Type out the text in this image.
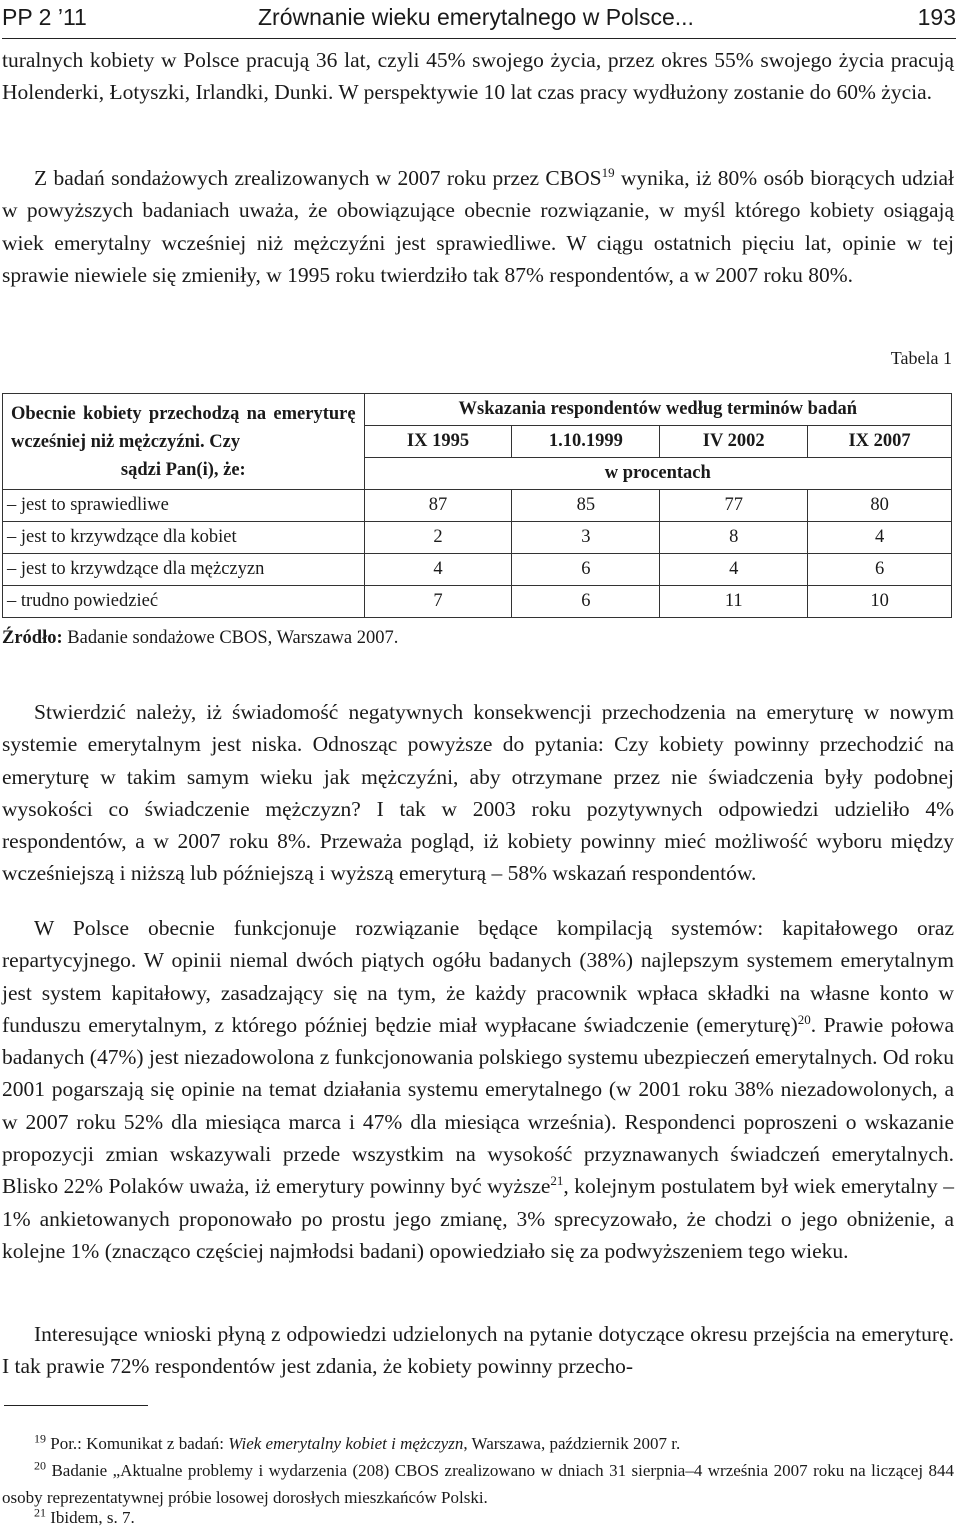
PP 2 ’11	Zrównanie wieku emerytalnego w Polsce...	193

turalnych kobiety w Polsce pracują 36 lat, czyli 45% swojego życia, przez okres 55% swojego życia pracują Holenderki, Łotyszki, Irlandki, Dunki. W perspektywie 10 lat czas pracy wydłużony zostanie do 60% życia.

Z badań sondażowych zrealizowanych w 2007 roku przez CBOS$^{19}$ wynika, iż 80% osób biorących udział w powyższych badaniach uważa, że obowiązujące obecnie rozwiązanie, w myśl którego kobiety osiągają wiek emerytalny wcześniej niż mężczyźni jest sprawiedliwe. W ciągu ostatnich pięciu lat, opinie w tej sprawie niewiele się zmieniły, w 1995 roku twierdziło tak 87% respondentów, a w 2007 roku 80%.

Tabela 1
Obecnie kobiety przechodzą na emeryturę wcześniej niż mężczyźni. Czy
sądzi Pan(i), że:	Wskazania respondentów według terminów badań			
	IX 1995	1.10.1999	IV 2002	IX 2007
	w procentach			
– jest to sprawiedliwe	87	85	77	80
– jest to krzywdzące dla kobiet	2	3	8	4
– jest to krzywdzące dla mężczyzn	4	6	4	6
– trudno powiedzieć	7	6	11	10
Źródło: Badanie sondażowe CBOS, Warszawa 2007.

Stwierdzić należy, iż świadomość negatywnych konsekwencji przechodzenia na emeryturę w nowym systemie emerytalnym jest niska. Odnosząc powyższe do pytania: Czy kobiety powinny przechodzić na emeryturę w takim samym wieku jak mężczyźni, aby otrzymane przez nie świadczenia były podobnej wysokości co świadczenie mężczyzn? I tak w 2003 roku pozytywnych odpowiedzi udzieliło 4% respondentów, a w 2007 roku 8%. Przeważa pogląd, iż kobiety powinny mieć możliwość wyboru między wcześniejszą i niższą lub późniejszą i wyższą emeryturą – 58% wskazań respondentów.

W Polsce obecnie funkcjonuje rozwiązanie będące kompilacją systemów: kapitałowego oraz repartycyjnego. W opinii niemal dwóch piątych ogółu badanych (38%) najlepszym systemem emerytalnym jest system kapitałowy, zasadzający się na tym, że każdy pracownik wpłaca składki na własne konto w funduszu emerytalnym, z którego później będzie miał wypłacane świadczenie (emeryturę)$^{20}$. Prawie połowa badanych (47%) jest niezadowolona z funkcjonowania polskiego systemu ubezpieczeń emerytalnych. Od roku 2001 pogarszają się opinie na temat działania systemu emerytalnego (w 2001 roku 38% niezadowolonych, a w 2007 roku 52% dla miesiąca marca i 47% dla miesiąca września). Respondenci poproszeni o wskazanie propozycji zmian wskazywali przede wszystkim na wysokość przyznawanych świadczeń emerytalnych. Blisko 22% Polaków uważa, iż emerytury powinny być wyższe$^{21}$, kolejnym postulatem był wiek emerytalny – 1% ankietowanych proponowało po prostu jego zmianę, 3% sprecyzowało, że chodzi o jego obniżenie, a kolejne 1% (znacząco częściej najmłodsi badani) opowiedziało się za podwyższeniem tego wieku.

Interesujące wnioski płyną z odpowiedzi udzielonych na pytanie dotyczące okresu przejścia na emeryturę. I tak prawie 72% respondentów jest zdania, że kobiety powinny przecho-

$^{19}$ Por.: Komunikat z badań: Wiek emerytalny kobiet i mężczyzn, Warszawa, październik 2007 r.

$^{20}$ Badanie „Aktualne problemy i wydarzenia (208) CBOS zrealizowano w dniach 31 sierpnia–4 września 2007 roku na liczącej 844 osoby reprezentatywnej próbie losowej dorosłych mieszkańców Polski.

$^{21}$ Ibidem, s. 7.
